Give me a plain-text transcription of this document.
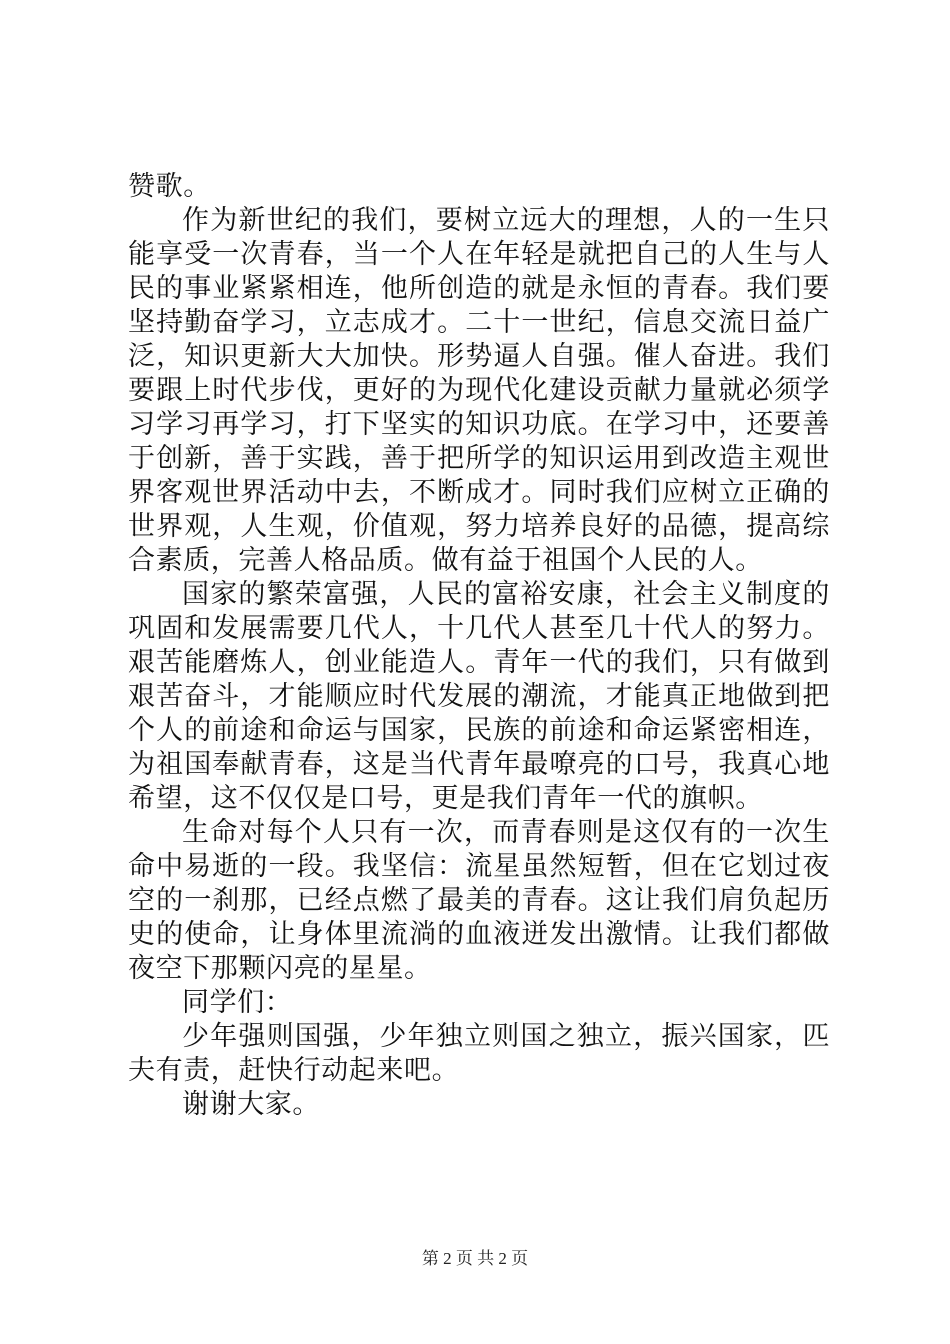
赞歌。

作为新世纪的我们，要树立远大的理想，人的一生只能享受一次青春，当一个人在年轻是就把自己的人生与人民的事业紧紧相连，他所创造的就是永恒的青春。我们要坚持勤奋学习，立志成才。二十一世纪，信息交流日益广泛，知识更新大大加快。形势逼人自强。催人奋进。我们要跟上时代步伐，更好的为现代化建设贡献力量就必须学习学习再学习，打下坚实的知识功底。在学习中，还要善于创新，善于实践，善于把所学的知识运用到改造主观世界客观世界活动中去，不断成才。同时我们应树立正确的世界观，人生观，价值观，努力培养良好的品德，提高综合素质，完善人格品质。做有益于祖国个人民的人。

国家的繁荣富强，人民的富裕安康，社会主义制度的巩固和发展需要几代人，十几代人甚至几十代人的努力。艰苦能磨炼人，创业能造人。青年一代的我们，只有做到艰苦奋斗，才能顺应时代发展的潮流，才能真正地做到把个人的前途和命运与国家，民族的前途和命运紧密相连，为祖国奉献青春，这是当代青年最嘹亮的口号，我真心地希望，这不仅仅是口号，更是我们青年一代的旗帜。

生命对每个人只有一次，而青春则是这仅有的一次生命中易逝的一段。我坚信：流星虽然短暂，但在它划过夜空的一刹那，已经点燃了最美的青春。这让我们肩负起历史的使命，让身体里流淌的血液迸发出激情。让我们都做夜空下那颗闪亮的星星。

同学们：

少年强则国强，少年独立则国之独立，振兴国家，匹夫有责，赶快行动起来吧。

谢谢大家。

第 2 页 共 2 页
